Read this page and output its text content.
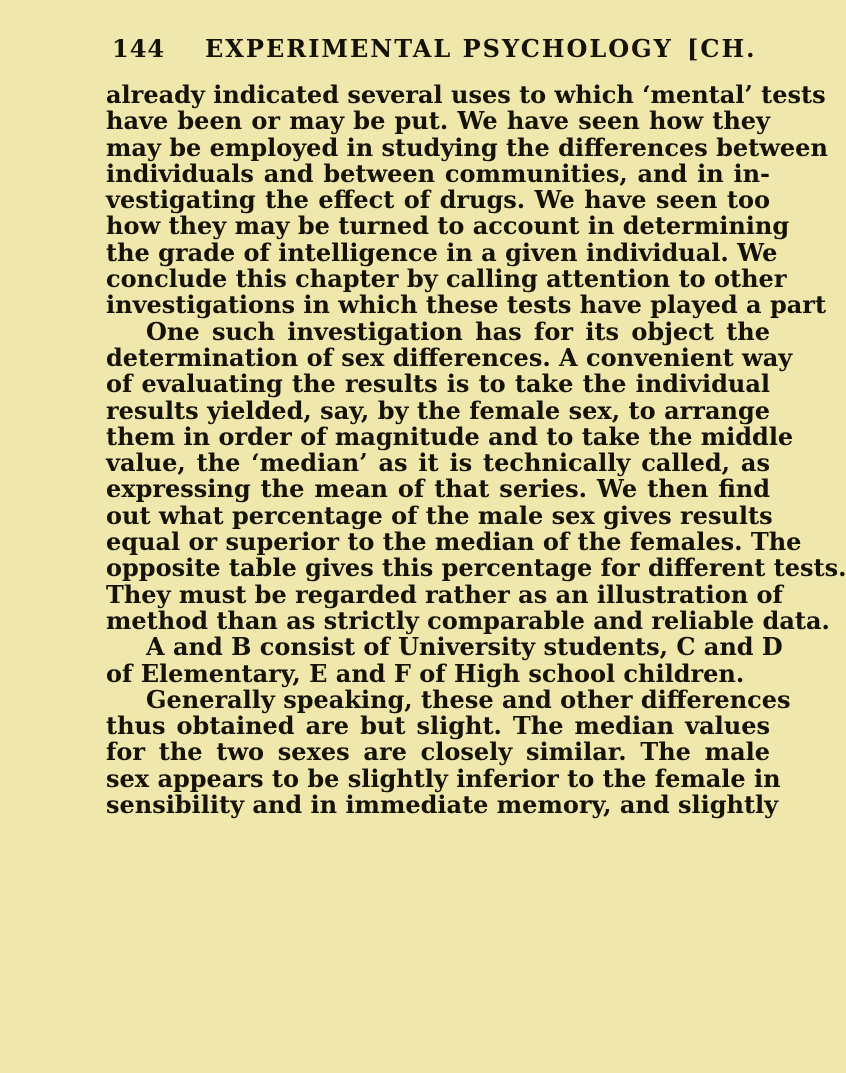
144 EXPERIMENTAL PSYCHOLOGY [CH.
already indicated several uses to which ‘mental’ tests
have been or may be put. We have seen how they
may be employed in studying the differences between
individuals and between communities, and in in-
vestigating the effect of drugs. We have seen too
how they may be turned to account in determining
the grade of intelligence in a given individual. We
conclude this chapter by calling attention to other
investigations in which these tests have played a part
One such investigation has for its object the
determination of sex differences. A convenient way
of evaluating the results is to take the individual
results yielded, say, by the female sex, to arrange
them in order of magnitude and to take the middle
value, the ‘median’ as it is technically called, as
expressing the mean of that series. We then find
out what percentage of the male sex gives results
equal or superior to the median of the females. The
opposite table gives this percentage for different tests.
They must be regarded rather as an illustration of
method than as strictly comparable and reliable data.
A and B consist of University students, C and D
of Elementary, E and F of High school children.
Generally speaking, these and other differences
thus obtained are but slight. The median values
for the two sexes are closely similar. The male
sex appears to be slightly inferior to the female in
sensibility and in immediate memory, and slightly
